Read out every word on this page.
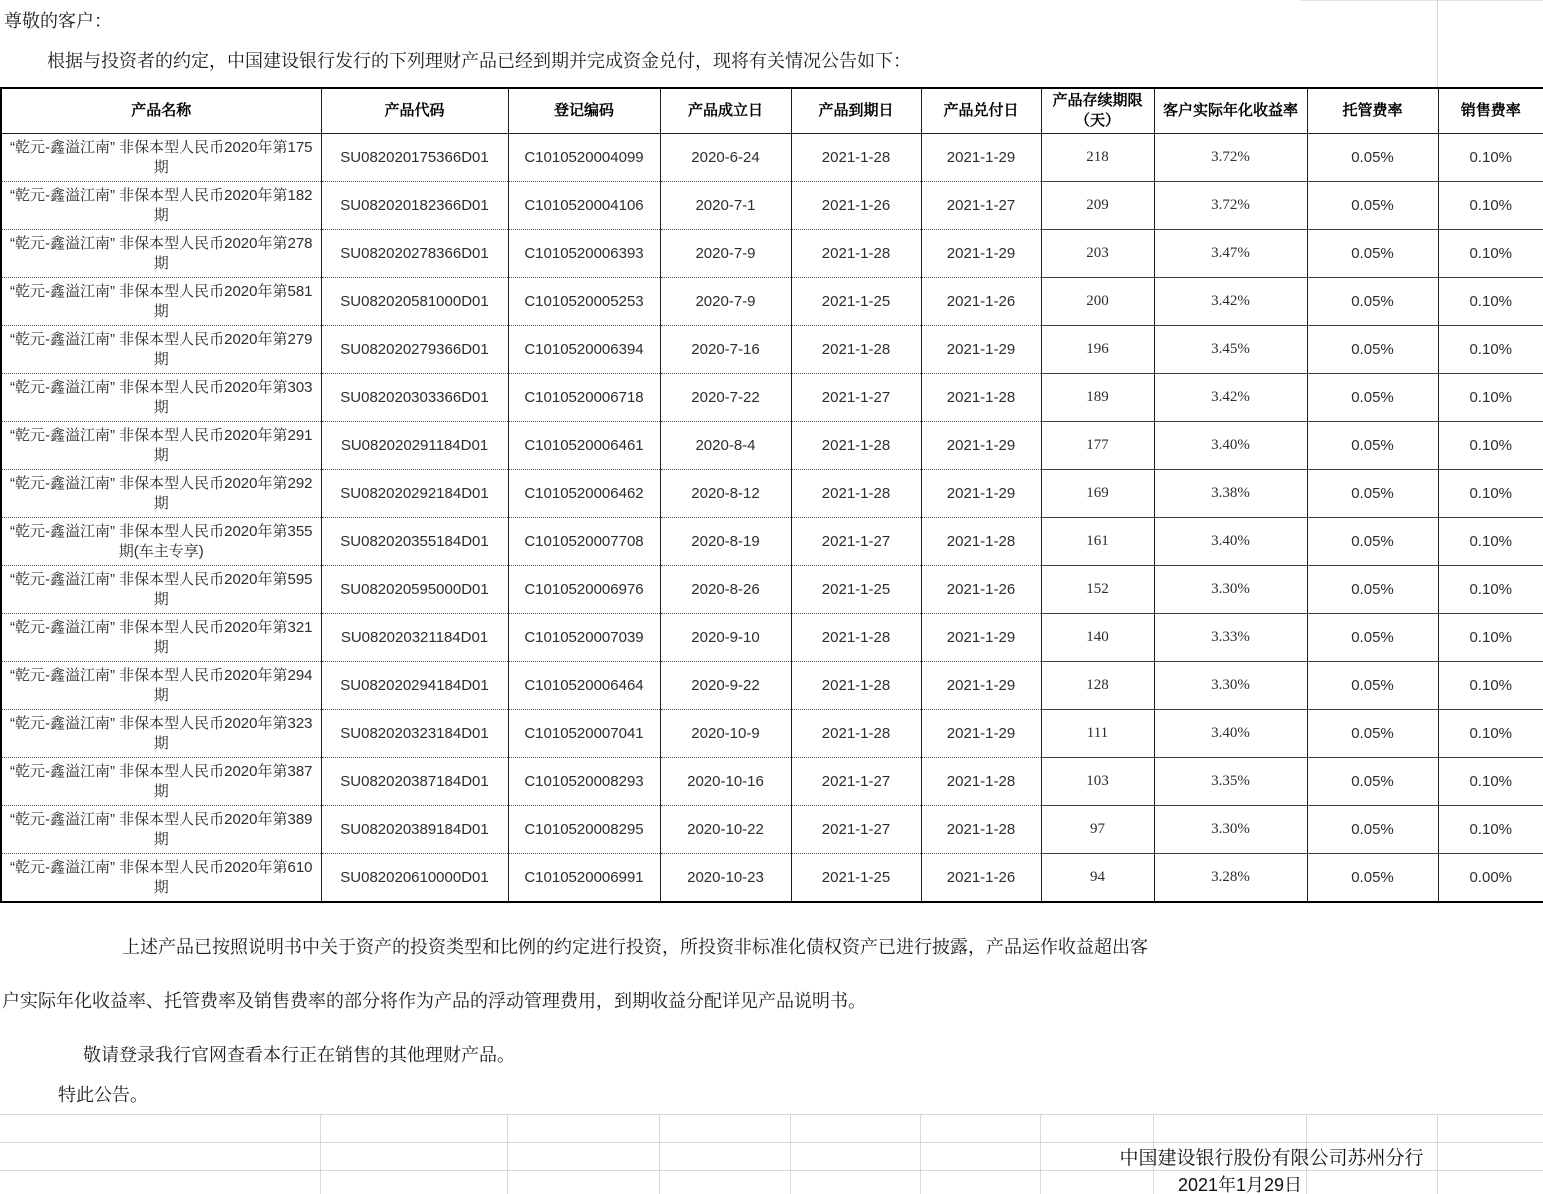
尊敬的客户：
根据与投资者的约定，中国建设银行发行的下列理财产品已经到期并完成资金兑付，现将有关情况公告如下：
产品名称	产品代码	登记编码	产品成立日	产品到期日	产品兑付日	产品存续期限（天）	客户实际年化收益率	托管费率	销售费率
“乾元-鑫溢江南” 非保本型人民币2020年第175期	SU082020175366D01	C1010520004099	2020-6-24	2021-1-28	2021-1-29	218	3.72%	0.05%	0.10%
“乾元-鑫溢江南” 非保本型人民币2020年第182期	SU082020182366D01	C1010520004106	2020-7-1	2021-1-26	2021-1-27	209	3.72%	0.05%	0.10%
“乾元-鑫溢江南” 非保本型人民币2020年第278期	SU082020278366D01	C1010520006393	2020-7-9	2021-1-28	2021-1-29	203	3.47%	0.05%	0.10%
“乾元-鑫溢江南” 非保本型人民币2020年第581期	SU082020581000D01	C1010520005253	2020-7-9	2021-1-25	2021-1-26	200	3.42%	0.05%	0.10%
“乾元-鑫溢江南” 非保本型人民币2020年第279期	SU082020279366D01	C1010520006394	2020-7-16	2021-1-28	2021-1-29	196	3.45%	0.05%	0.10%
“乾元-鑫溢江南” 非保本型人民币2020年第303期	SU082020303366D01	C1010520006718	2020-7-22	2021-1-27	2021-1-28	189	3.42%	0.05%	0.10%
“乾元-鑫溢江南” 非保本型人民币2020年第291期	SU082020291184D01	C1010520006461	2020-8-4	2021-1-28	2021-1-29	177	3.40%	0.05%	0.10%
“乾元-鑫溢江南” 非保本型人民币2020年第292期	SU082020292184D01	C1010520006462	2020-8-12	2021-1-28	2021-1-29	169	3.38%	0.05%	0.10%
“乾元-鑫溢江南” 非保本型人民币2020年第355期(车主专享)	SU082020355184D01	C1010520007708	2020-8-19	2021-1-27	2021-1-28	161	3.40%	0.05%	0.10%
“乾元-鑫溢江南” 非保本型人民币2020年第595期	SU082020595000D01	C1010520006976	2020-8-26	2021-1-25	2021-1-26	152	3.30%	0.05%	0.10%
“乾元-鑫溢江南” 非保本型人民币2020年第321期	SU082020321184D01	C1010520007039	2020-9-10	2021-1-28	2021-1-29	140	3.33%	0.05%	0.10%
“乾元-鑫溢江南” 非保本型人民币2020年第294期	SU082020294184D01	C1010520006464	2020-9-22	2021-1-28	2021-1-29	128	3.30%	0.05%	0.10%
“乾元-鑫溢江南” 非保本型人民币2020年第323期	SU082020323184D01	C1010520007041	2020-10-9	2021-1-28	2021-1-29	111	3.40%	0.05%	0.10%
“乾元-鑫溢江南” 非保本型人民币2020年第387期	SU082020387184D01	C1010520008293	2020-10-16	2021-1-27	2021-1-28	103	3.35%	0.05%	0.10%
“乾元-鑫溢江南” 非保本型人民币2020年第389期	SU082020389184D01	C1010520008295	2020-10-22	2021-1-27	2021-1-28	97	3.30%	0.05%	0.10%
“乾元-鑫溢江南” 非保本型人民币2020年第610期	SU082020610000D01	C1010520006991	2020-10-23	2021-1-25	2021-1-26	94	3.28%	0.05%	0.00%
上述产品已按照说明书中关于资产的投资类型和比例的约定进行投资，所投资非标准化债权资产已进行披露，产品运作收益超出客
户实际年化收益率、托管费率及销售费率的部分将作为产品的浮动管理费用，到期收益分配详见产品说明书。
敬请登录我行官网查看本行正在销售的其他理财产品。
特此公告。
中国建设银行股份有限公司苏州分行
2021年1月29日
